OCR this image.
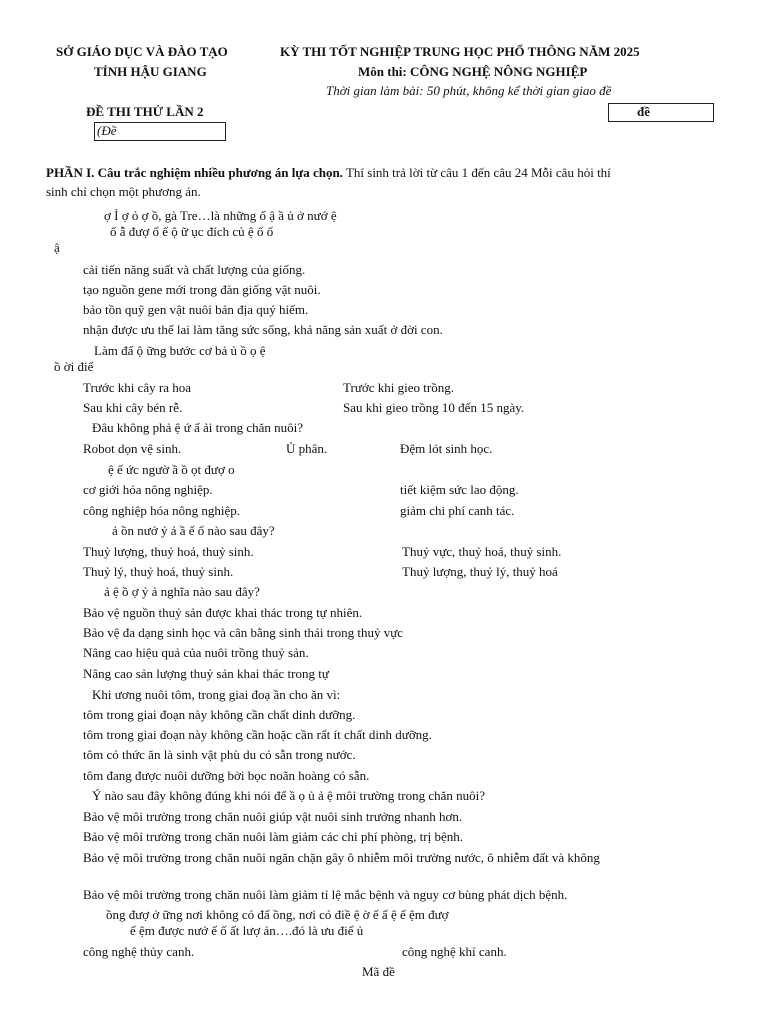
SỞ GIÁO DỤC VÀ ĐÀO TẠO
TỈNH HẬU GIANG
KỲ THI TỐT NGHIỆP TRUNG HỌC PHỔ THÔNG NĂM 2025
Môn thi: CÔNG NGHỆ NÔNG NGHIỆP
Thời gian làm bài: 50 phút, không kể thời gian giao đề
ĐỀ THI THỬ LẦN 2
(Đề
đề
PHẦN I. Câu trắc nghiệm nhiều phương án lựa chọn. Thí sinh trả lời từ câu 1 đến câu 24 Mỗi câu hỏi thí
sinh chỉ chọn một phương án.
ợ Ỉ ợ ỏ ợ ồ, gà Tre…là những ố ậ ầ ủ ở nướ ệ
ố ẫ đượ ổ ể ộ ữ ục đích củ ệ ố ố
ậ
cải tiến năng suất và chất lượng của giống.
tạo nguồn gene mới trong đàn giống vật nuôi.
bảo tồn quỹ gen vật nuôi bản địa quý hiếm.
nhận được ưu thế lai làm tăng sức sống, khả năng sản xuất ở đời con.
Làm đấ ộ ững bước cơ bả ủ ồ ọ ệ
ồ ời điể
Trước khi cây ra hoa	Trước khi gieo trồng.
Sau khi cây bén rễ.	Sau khi gieo trồng 10 đến 15 ngày.
Đâu không phả ệ ứ ấ ải trong chăn nuôi?
Robot dọn vệ sinh.	Ủ phân.	Đệm lót sinh học.
ệ ế ức ngườ ầ ồ ọt đượ o
cơ giới hóa nông nghiệp.	tiết kiệm sức lao động.
công nghiệp hóa nông nghiệp.	giảm chi phí canh tác.
ả ồn nướ ỷ ả ầ ế ố nào sau đây?
Thuỷ lượng, thuỷ hoá, thuỷ sinh.	Thuỷ vực, thuỷ hoá, thuỷ sinh.
Thuỷ lý, thuỷ hoá, thuỷ sinh.	Thuỷ lượng, thuỷ lý, thuỷ hoá
ả ệ ồ ợ ỷ ả nghĩa nào sau đây?
Bảo vệ nguồn thuỷ sản được khai thác trong tự nhiên.
Bảo vệ đa dạng sinh học và cân bằng sinh thái trong thuỷ vực
Nâng cao hiệu quả của nuôi trồng thuỷ sản.
Nâng cao sản lượng thuỷ sản khai thác trong tự
Khi ương nuôi tôm, trong giai đoạ ần cho ăn vì:
tôm trong giai đoạn này không cần chất dinh dưỡng.
tôm trong giai đoạn này không cần hoặc cần rất ít chất dinh dưỡng.
tôm có thức ăn là sinh vật phù du có sẵn trong nước.
tôm đang được nuôi dưỡng bởi bọc noãn hoàng có sẵn.
Ý nào sau đây không đúng khi nói để ầ ọ ủ ả ệ môi trường trong chăn nuôi?
Bảo vệ môi trường trong chăn nuôi giúp vật nuôi sinh trưởng nhanh hơn.
Bảo vệ môi trường trong chăn nuôi làm giảm các chi phí phòng, trị bệnh.
Bảo vệ môi trường trong chăn nuôi ngăn chặn gây ô nhiễm môi trường nước, ô nhiễm đất và không
Bảo vệ môi trường trong chăn nuôi làm giảm tỉ lệ mắc bệnh và nguy cơ bùng phát dịch bệnh.
ồng đượ ở ững nơi không có đấ ồng, nơi có điề ệ ờ ế ấ ệ ế ệm đượ
ế ệm được nướ ể ố ất lượ ản….đó là ưu điể ủ
công nghệ thủy canh.	công nghệ khí canh.
Mã đề
